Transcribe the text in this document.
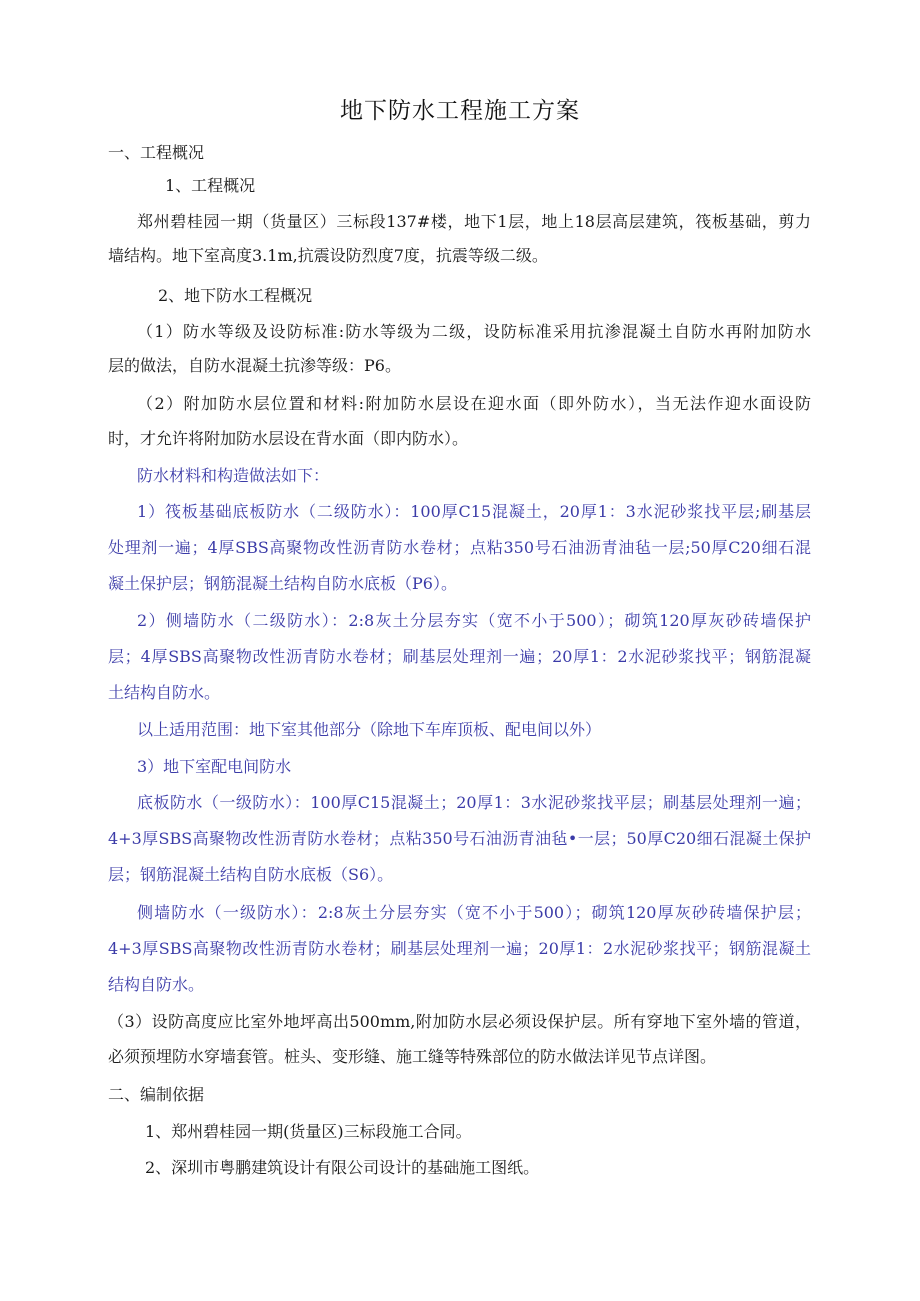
地下防水工程施工方案
一、工程概况
1、工程概况
郑州碧桂园一期（货量区）三标段137#楼，地下1层，地上18层高层建筑，筏板基础，剪力
墙结构。地下室高度3.1m,抗震设防烈度7度，抗震等级二级。
2、地下防水工程概况
（1）防水等级及设防标准:防水等级为二级，设防标准采用抗渗混凝土自防水再附加防水
层的做法，自防水混凝土抗渗等级：P6。
（2）附加防水层位置和材料:附加防水层设在迎水面（即外防水），当无法作迎水面设防
时，才允许将附加防水层设在背水面（即内防水）。
防水材料和构造做法如下：
1）筏板基础底板防水（二级防水）：100厚C15混凝土，20厚1：3水泥砂浆找平层;刷基层
处理剂一遍；4厚SBS高聚物改性沥青防水卷材；点粘350号石油沥青油毡一层;50厚C20细石混
凝土保护层；钢筋混凝土结构自防水底板（P6）。
2）侧墙防水（二级防水）：2:8灰土分层夯实（宽不小于500）；砌筑120厚灰砂砖墙保护
层；4厚SBS高聚物改性沥青防水卷材；刷基层处理剂一遍；20厚1：2水泥砂浆找平；钢筋混凝
土结构自防水。
以上适用范围：地下室其他部分（除地下车库顶板、配电间以外）
3）地下室配电间防水
底板防水（一级防水）：100厚C15混凝土；20厚1：3水泥砂浆找平层；刷基层处理剂一遍；
4+3厚SBS高聚物改性沥青防水卷材；点粘350号石油沥青油毡•一层；50厚C20细石混凝土保护
层；钢筋混凝土结构自防水底板（S6）。
侧墙防水（一级防水）：2:8灰土分层夯实（宽不小于500）；砌筑120厚灰砂砖墙保护层；
4+3厚SBS高聚物改性沥青防水卷材；刷基层处理剂一遍；20厚1：2水泥砂浆找平；钢筋混凝土
结构自防水。
（3）设防高度应比室外地坪高出500mm,附加防水层必须设保护层。所有穿地下室外墙的管道，
必须预埋防水穿墙套管。桩头、变形缝、施工缝等特殊部位的防水做法详见节点详图。
二、编制依据
1、郑州碧桂园一期(货量区)三标段施工合同。
2、深圳市粤鹏建筑设计有限公司设计的基础施工图纸。
